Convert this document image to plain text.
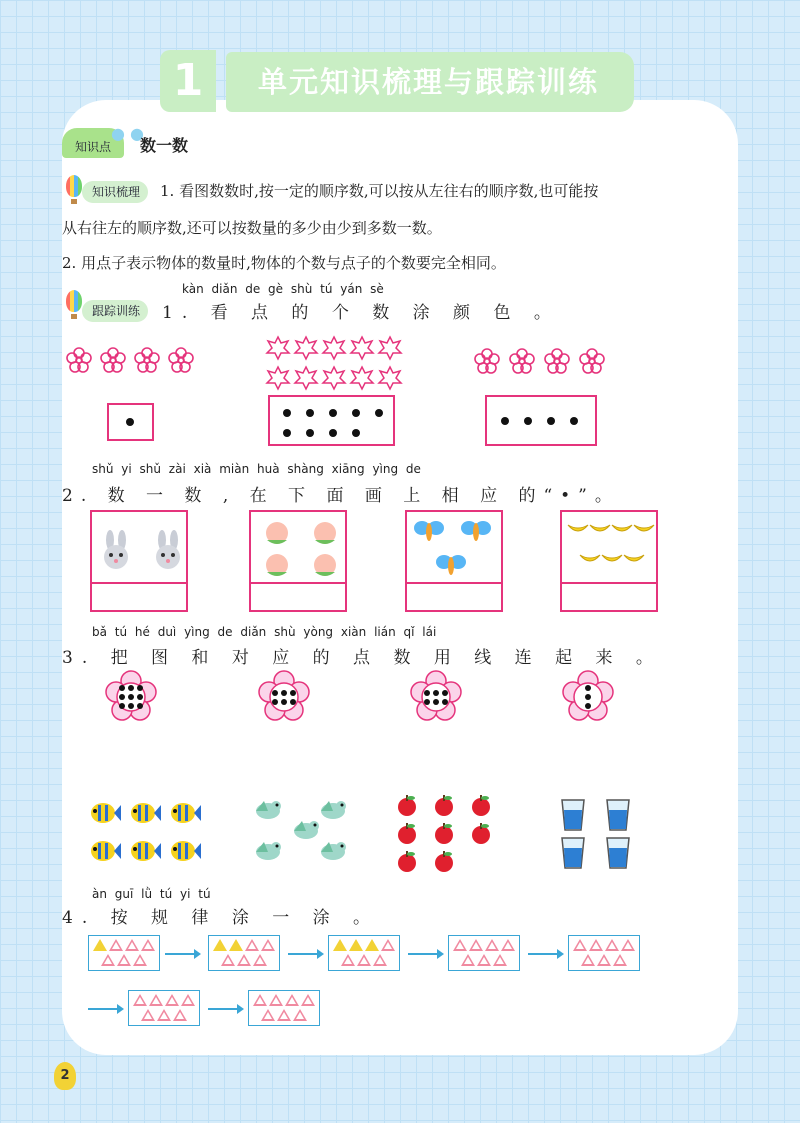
1	单元知识梳理与跟踪训练
知识点
● ●
数一数
知识梳理	1. 看图数数时,按一定的顺序数,可以按从左往右的顺序数,也可能按
从右往左的顺序数,还可以按数量的多少由少到多数一数。
2. 用点子表示物体的数量时,物体的个数与点子的个数要完全相同。
跟踪训练
kàn diǎn de gè shù tú yán sè
1. 看 点 的 个 数 涂 颜 色 。
shǔ yi shǔ zài xià miàn huà shàng xiāng yìng de
2. 数 一 数 , 在 下 面 画 上 相 应 的“•”。
bǎ tú hé duì yìng de diǎn shù yòng xiàn lián qǐ lái
3. 把 图 和 对 应 的 点 数 用 线 连 起 来 。
àn guī lǜ tú yi tú
4. 按 规 律 涂 一 涂 。
2
